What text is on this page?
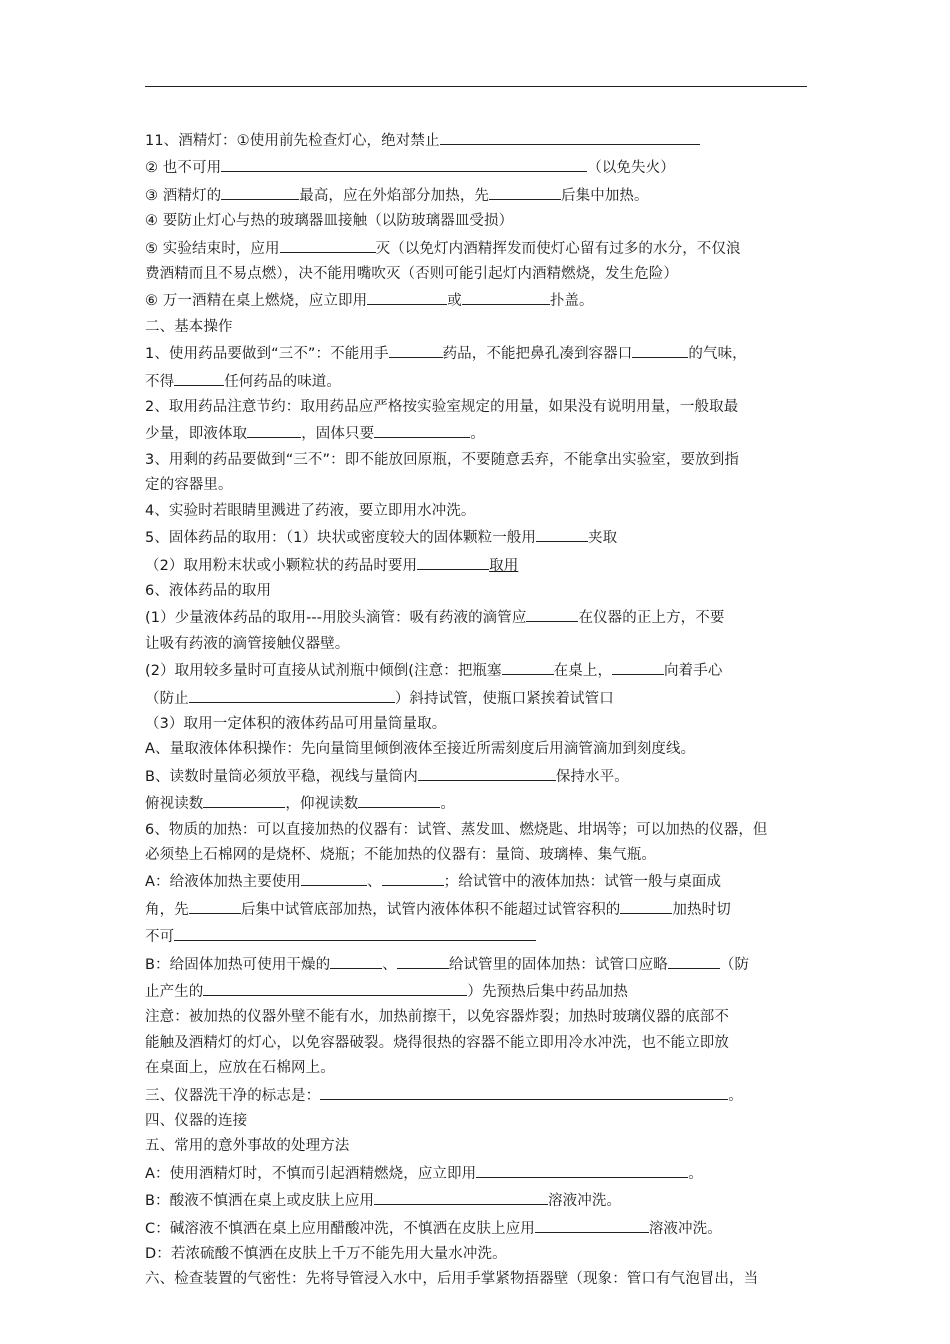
11、酒精灯：①使用前先检查灯心，绝对禁止
② 也不可用	（以免失火）
③ 酒精灯的	最高，应在外焰部分加热，先	后集中加热。
④ 要防止灯心与热的玻璃器皿接触（以防玻璃器皿受损）
⑤ 实验结束时，应用	灭（以免灯内酒精挥发而使灯心留有过多的水分，不仅浪
费酒精而且不易点燃），决不能用嘴吹灭（否则可能引起灯内酒精燃烧，发生危险）
⑥ 万一酒精在桌上燃烧，应立即用	或	扑盖。
二、基本操作
1、使用药品要做到“三不”：不能用手	药品，不能把鼻孔凑到容器口	的气味，
不得	任何药品的味道。
2、取用药品注意节约：取用药品应严格按实验室规定的用量，如果没有说明用量，一般取最
少量，即液体取	，固体只要	。
3、用剩的药品要做到“三不”：即不能放回原瓶，不要随意丢弃，不能拿出实验室，要放到指
定的容器里。
4、实验时若眼睛里溅进了药液，要立即用水冲洗。
5、固体药品的取用：（1）块状或密度较大的固体颗粒一般用	夹取
（2）取用粉末状或小颗粒状的药品时要用	取用
6、液体药品的取用
(1）少量液体药品的取用---用胶头滴管：吸有药液的滴管应	在仪器的正上方，不要
让吸有药液的滴管接触仪器壁。
(2）取用较多量时可直接从试剂瓶中倾倒(注意：把瓶塞	在桌上，	向着手心
（防止	）斜持试管，使瓶口紧挨着试管口
（3）取用一定体积的液体药品可用量筒量取。
A、量取液体体积操作：先向量筒里倾倒液体至接近所需刻度后用滴管滴加到刻度线。
B、读数时量筒必须放平稳，视线与量筒内	保持水平。
俯视读数	，仰视读数	。
6、物质的加热：可以直接加热的仪器有：试管、蒸发皿、燃烧匙、坩埚等；可以加热的仪器，但
必须垫上石棉网的是烧杯、烧瓶；不能加热的仪器有：量筒、玻璃棒、集气瓶。
A：给液体加热主要使用	、	；给试管中的液体加热：试管一般与桌面成
角，先	后集中试管底部加热，试管内液体体积不能超过试管容积的	加热时切
不可
B：给固体加热可使用干燥的	、	给试管里的固体加热：试管口应略	（防
止产生的	）先预热后集中药品加热
注意：被加热的仪器外壁不能有水，加热前擦干，以免容器炸裂；加热时玻璃仪器的底部不
能触及酒精灯的灯心，以免容器破裂。烧得很热的容器不能立即用冷水冲洗，也不能立即放
在桌面上，应放在石棉网上。
三、仪器洗干净的标志是：	。
四、仪器的连接
五、常用的意外事故的处理方法
A：使用酒精灯时，不慎而引起酒精燃烧，应立即用	。
B：酸液不慎洒在桌上或皮肤上应用	溶液冲洗。
C：碱溶液不慎洒在桌上应用醋酸冲洗，不慎洒在皮肤上应用	溶液冲洗。
D：若浓硫酸不慎洒在皮肤上千万不能先用大量水冲洗。
六、检查装置的气密性：先将导管浸入水中，后用手掌紧物捂器壁（现象：管口有气泡冒出，当
